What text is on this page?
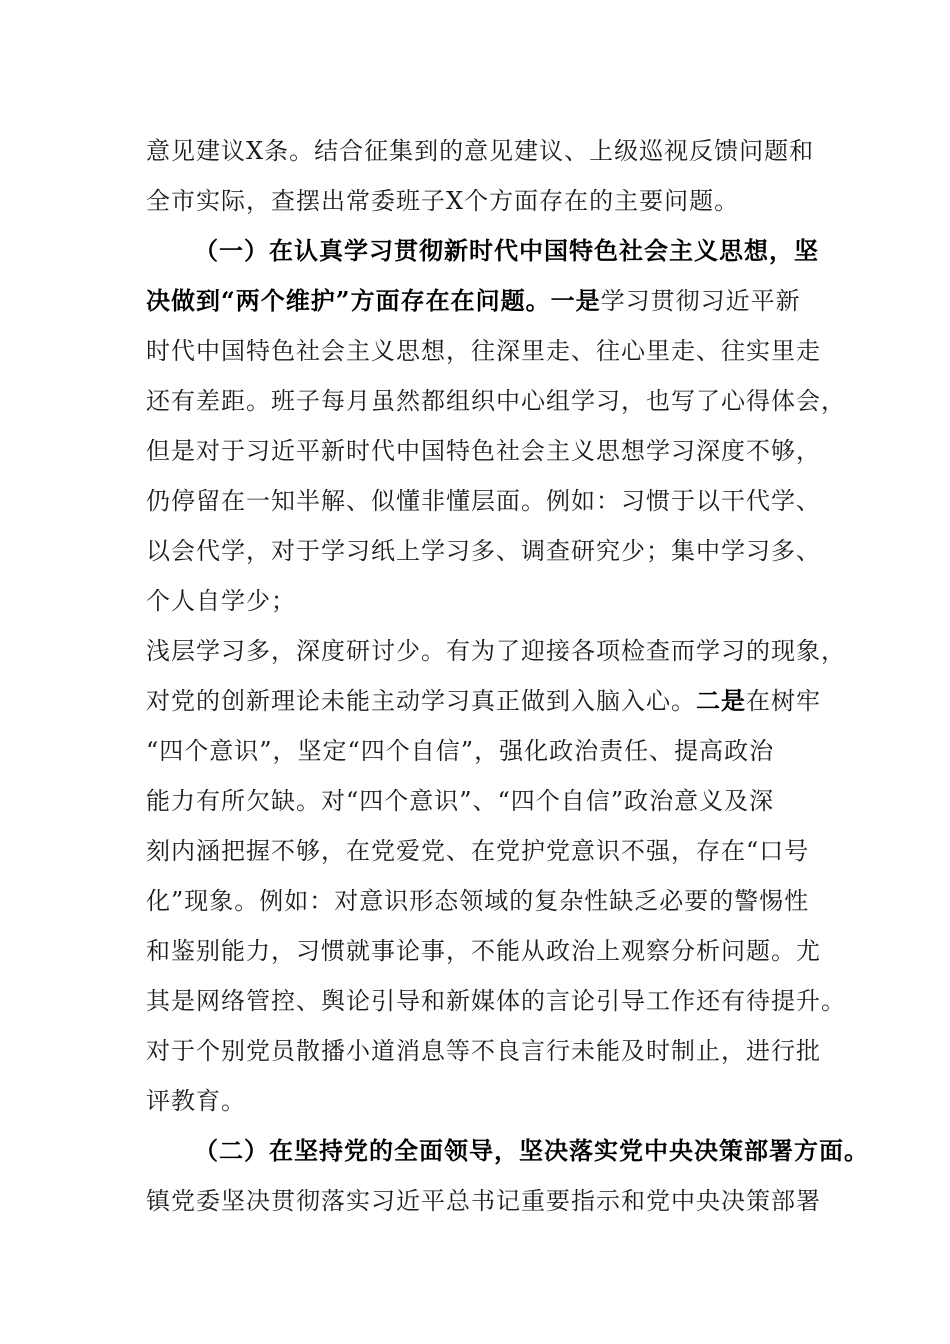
意见建议X条。结合征集到的意见建议、上级巡视反馈问题和
全市实际，查摆出常委班子X个方面存在的主要问题。
（一）在认真学习贯彻新时代中国特色社会主义思想，坚
决做到“两个维护”方面存在在问题。一是学习贯彻习近平新
时代中国特色社会主义思想，往深里走、往心里走、往实里走
还有差距。班子每月虽然都组织中心组学习，也写了心得体会，
但是对于习近平新时代中国特色社会主义思想学习深度不够，
仍停留在一知半解、似懂非懂层面。例如：习惯于以干代学、
以会代学，对于学习纸上学习多、调查研究少；集中学习多、
个人自学少；
浅层学习多，深度研讨少。有为了迎接各项检查而学习的现象，
对党的创新理论未能主动学习真正做到入脑入心。二是在树牢
“四个意识”，坚定“四个自信”，强化政治责任、提高政治
能力有所欠缺。对“四个意识”、“四个自信”政治意义及深
刻内涵把握不够，在党爱党、在党护党意识不强，存在“口号
化”现象。例如：对意识形态领域的复杂性缺乏必要的警惕性
和鉴别能力，习惯就事论事，不能从政治上观察分析问题。尤
其是网络管控、舆论引导和新媒体的言论引导工作还有待提升。
对于个别党员散播小道消息等不良言行未能及时制止，进行批
评教育。
（二）在坚持党的全面领导，坚决落实党中央决策部署方面。
镇党委坚决贯彻落实习近平总书记重要指示和党中央决策部署
